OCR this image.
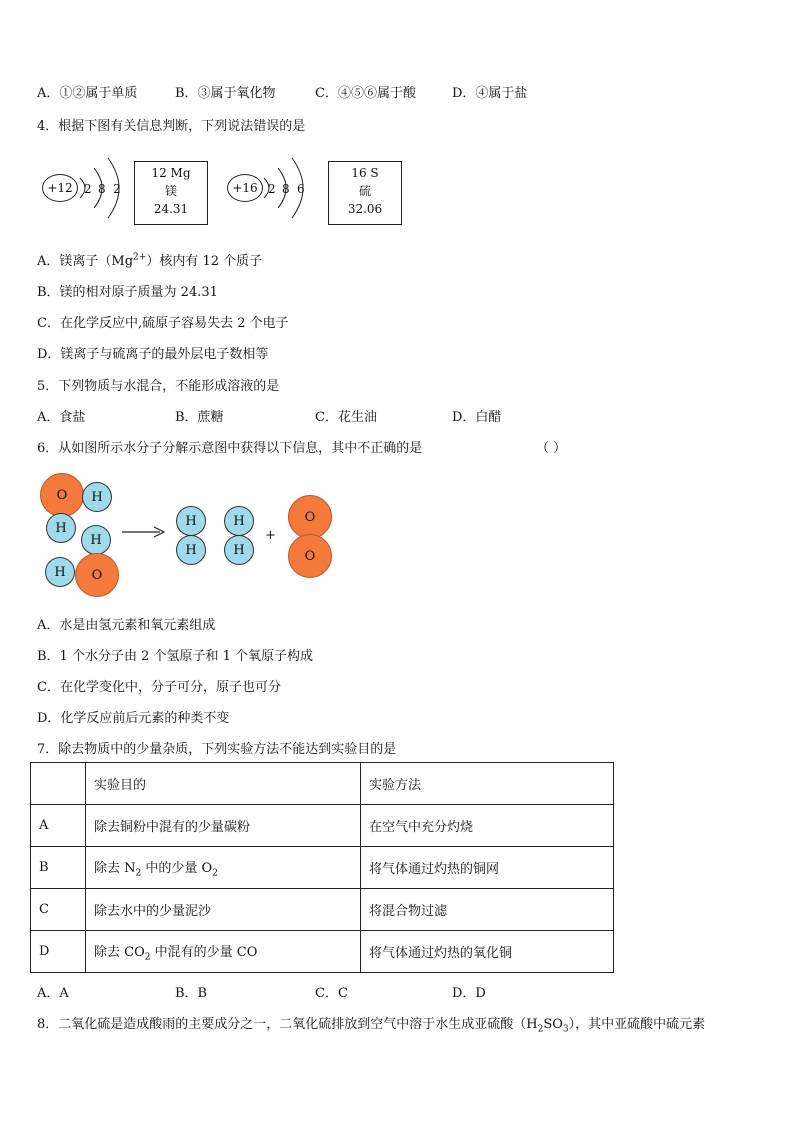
A．①②属于单质	B．③属于氧化物	C．④⑤⑥属于酸	D．④属于盐
4．根据下图有关信息判断，下列说法错误的是
+12 2 8 2
12 Mg
镁
24.31
+16 2 8 6
16 S
硫
32.06
A．镁离子$(Mg^{2+})$核内有 12 个质子
B．镁的相对原子质量为 24.31
C．在化学反应中,硫原子容易失去 2 个电子
D．镁离子与硫离子的最外层电子数相等
5．下列物质与水混合，不能形成溶液的是
A．食盐	B．蔗糖	C．花生油	D．白醋
6．从如图所示水分子分解示意图中获得以下信息，其中不正确的是	（ ）
O	H
H
H
H	O
H
H
H
H
+
O
O
A．水是由氢元素和氧元素组成
B．1 个水分子由 2 个氢原子和 1 个氧原子构成
C．在化学变化中，分子可分，原子也可分
D．化学反应前后元素的种类不变
7．除去物质中的少量杂质，下列实验方法不能达到实验目的是
	实验目的	实验方法
A	除去铜粉中混有的少量碳粉	在空气中充分灼烧
B	除去 $N_2$ 中的少量 $O_2$	将气体通过灼热的铜网
C	除去水中的少量泥沙	将混合物过滤
D	除去 $CO_2$ 中混有的少量 CO	将气体通过灼热的氧化铜
A．A	B．B	C．C	D．D
8．二氧化硫是造成酸雨的主要成分之一，二氧化硫排放到空气中溶于水生成亚硫酸$(H_2SO_3)$，其中亚硫酸中硫元素
